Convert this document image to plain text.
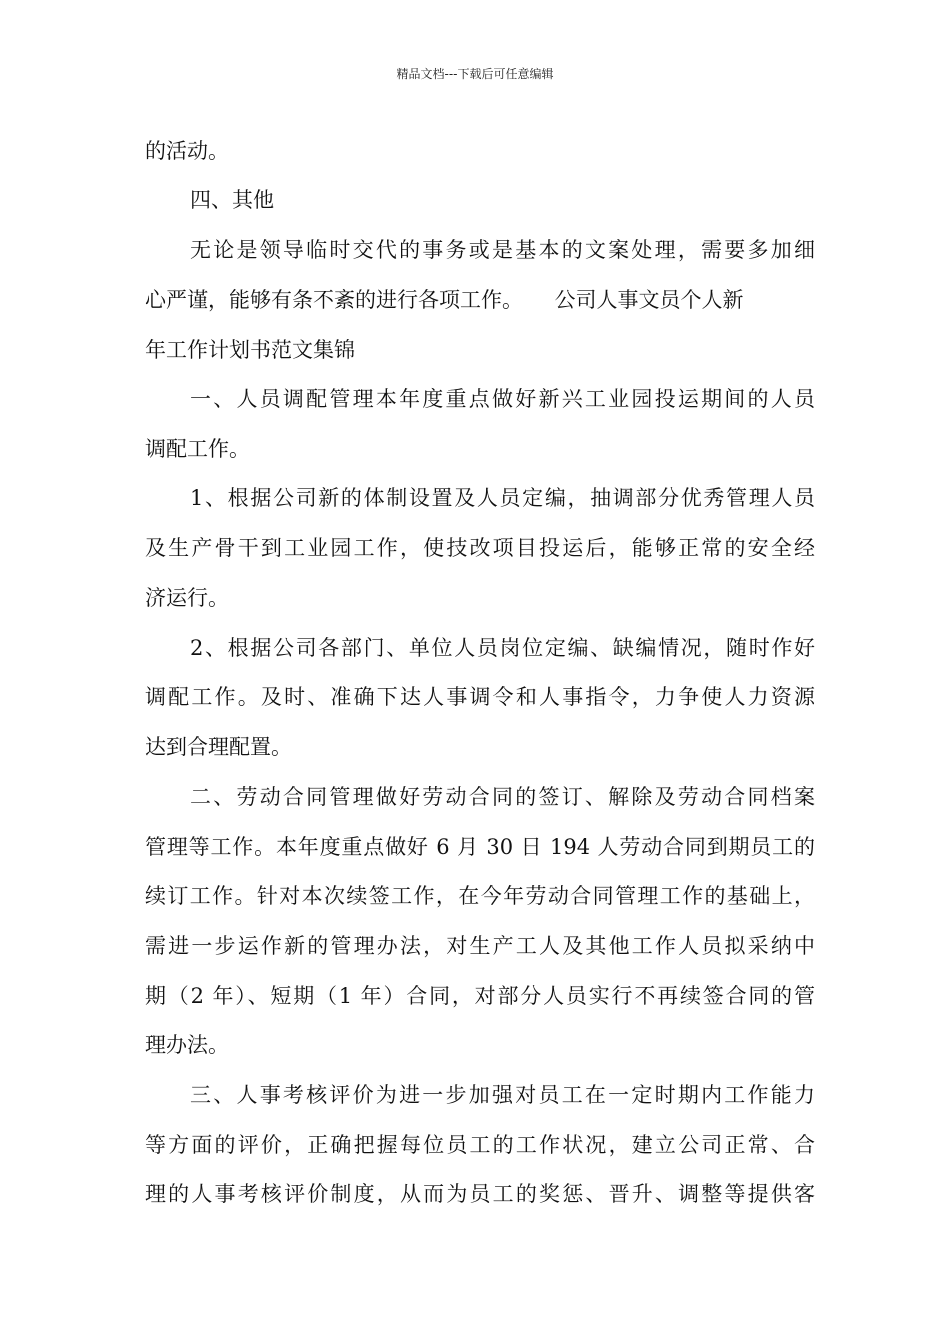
精品文档---下载后可任意编辑
的活动。
四、其他
无论是领导临时交代的事务或是基本的文案处理，需要多加细
心严谨，能够有条不紊的进行各项工作。　　公司人事文员个人新
年工作计划书范文集锦
一、人员调配管理本年度重点做好新兴工业园投运期间的人员
调配工作。
1、根据公司新的体制设置及人员定编，抽调部分优秀管理人员
及生产骨干到工业园工作，使技改项目投运后，能够正常的安全经
济运行。
2、根据公司各部门、单位人员岗位定编、缺编情况，随时作好
调配工作。及时、准确下达人事调令和人事指令，力争使人力资源
达到合理配置。
二、劳动合同管理做好劳动合同的签订、解除及劳动合同档案
管理等工作。本年度重点做好 6 月 30 日 194 人劳动合同到期员工的
续订工作。针对本次续签工作，在今年劳动合同管理工作的基础上，
需进一步运作新的管理办法，对生产工人及其他工作人员拟采纳中
期（2 年）、短期（1 年）合同，对部分人员实行不再续签合同的管
理办法。
三、人事考核评价为进一步加强对员工在一定时期内工作能力
等方面的评价，正确把握每位员工的工作状况，建立公司正常、合
理的人事考核评价制度，从而为员工的奖惩、晋升、调整等提供客
